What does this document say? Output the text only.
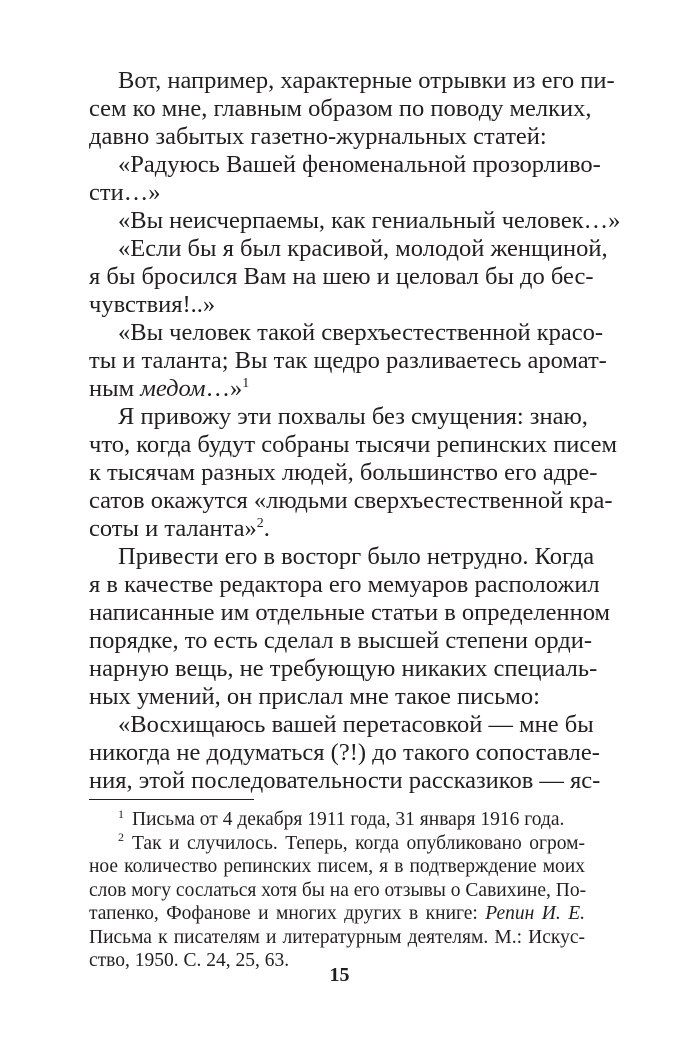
Вот, например, характерные отрывки из его пи-
сем ко мне, главным образом по поводу мелких,
давно забытых газетно-журнальных статей:
«Радуюсь Вашей феноменальной прозорливо-
сти…»
«Вы неисчерпаемы, как гениальный человек…»
«Если бы я был красивой, молодой женщиной,
я бы бросился Вам на шею и целовал бы до бес-
чувствия!..»
«Вы человек такой сверхъестественной красо-
ты и таланта; Вы так щедро разливаетесь аромат-
ным медом…»$^1$
Я привожу эти похвалы без смущения: знаю,
что, когда будут собраны тысячи репинских писем
к тысячам разных людей, большинство его адре-
сатов окажутся «людьми сверхъестественной кра-
соты и таланта»$^2$.
Привести его в восторг было нетрудно. Когда
я в качестве редактора его мемуаров расположил
написанные им отдельные статьи в определенном
порядке, то есть сделал в высшей степени орди-
нарную вещь, не требующую никаких специаль-
ных умений, он прислал мне такое письмо:
«Восхищаюсь вашей перетасовкой — мне бы
никогда не додуматься (?!) до такого сопоставле-
ния, этой последовательности рассказиков — яс-
1 Письма от 4 декабря 1911 года, 31 января 1916 года.
2 Так и случилось. Теперь, когда опубликовано огром-
ное количество репинских писем, я в подтверждение моих
слов могу сослаться хотя бы на его отзывы о Савихине, По-
тапенко, Фофанове и многих других в книге: Репин И. Е.
Письма к писателям и литературным деятелям. М.: Искус-
ство, 1950. С. 24, 25, 63.
15
